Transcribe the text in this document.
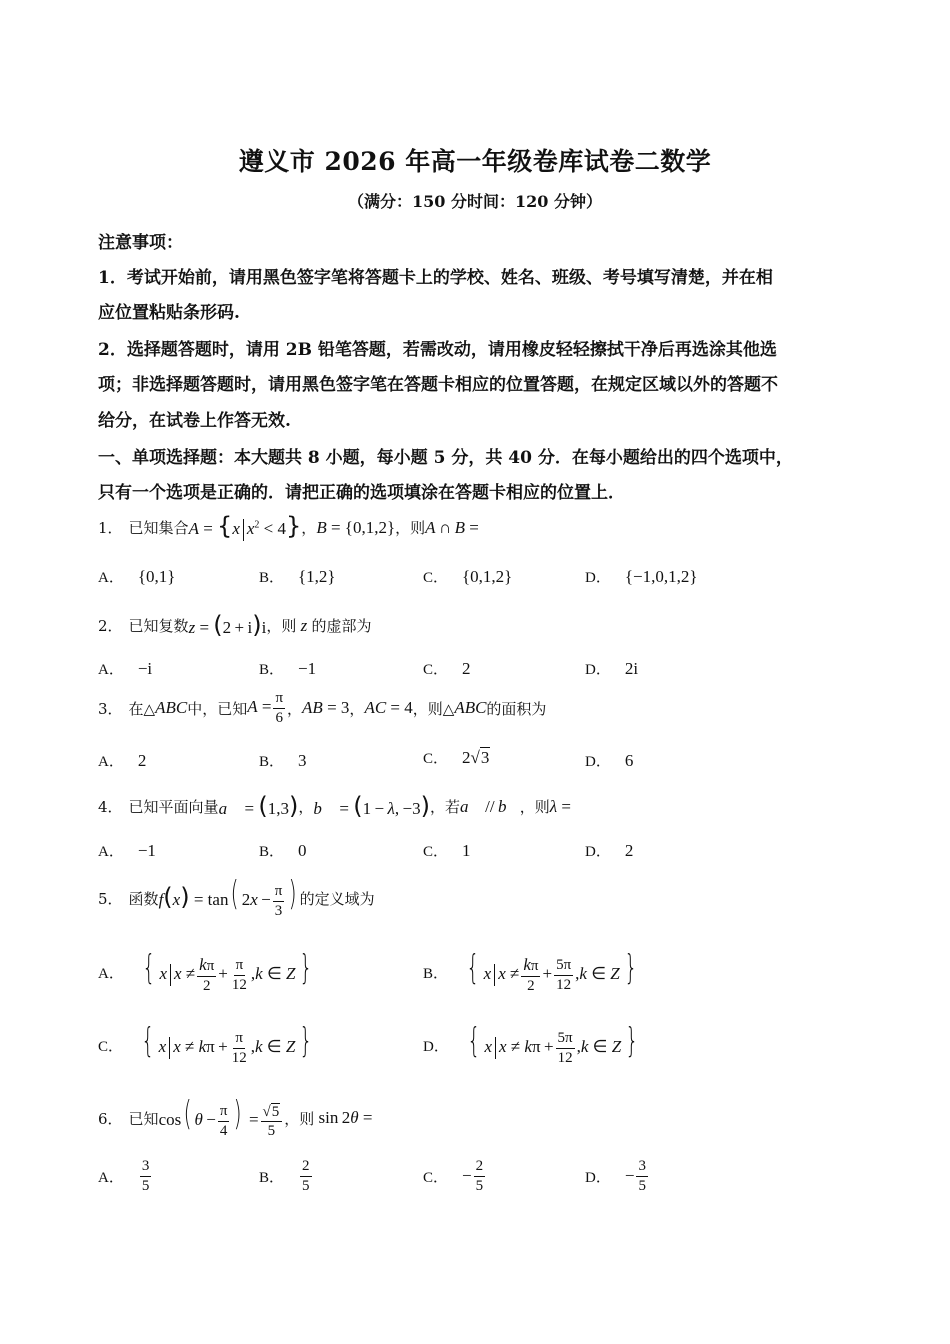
遵义市 2026 年高一年级卷库试卷二数学
（满分：150 分时间：120 分钟）
注意事项：
1．考试开始前，请用黑色签字笔将答题卡上的学校、姓名、班级、考号填写清楚，并在相
应位置粘贴条形码.
2．选择题答题时，请用 2B 铅笔答题，若需改动，请用橡皮轻轻擦拭干净后再选涂其他选
项；非选择题答题时，请用黑色签字笔在答题卡相应的位置答题，在规定区域以外的答题不
给分，在试卷上作答无效.
一、单项选择题：本大题共 8 小题，每小题 5 分，共 40 分．在每小题给出的四个选项中，
只有一个选项是正确的．请把正确的选项填涂在答题卡相应的位置上．
1． 已知集合 A = {x $x^2 < 4$} ， B = {0,1,2} ，则 A ∩ B =
A． {0,1}	B． {1,2}	C． {0,1,2}	D． {−1,0,1,2}
2． 已知复数 z = (2 + i)i ，则 z 的虚部为
A． −i	B． −1	C． 2	D． 2i
3． 在△ ABC 中，已知 $A = \frac{\pi}{6}$ ， AB = 3 ， AC = 4 ，则△ ABC 的面积为
A． 2	B． 3	C． 2 √ 3	D． 6
4． 已知平面向量 a⃗ = (1,3) ， b⃗ = (1 − λ, −3) ，若 a⃗ // b⃗ ，则 λ =
A． −1	B． 0	C． 1	D． 2
5． 函数 f(x) = tan( $2x - \frac{\pi}{3}$ ) 的定义域为
A． { x $x \ne \frac{k\pi}{2} + \frac{\pi}{12} ,k$ ∈ Z }	B． { x $x \ne \frac{k\pi}{2} + \frac{5\pi}{12} ,k$ ∈ Z }
C． { x $x \ne k\pi + \frac{\pi}{12} ,k$ ∈ Z }	D． { x $x \ne k\pi + \frac{5\pi}{12} ,k$ ∈ Z }
6． 已知 cos( $\theta - \frac{\pi}{4}$ ) = $\frac{√ 5}{5}$ ，则 sin 2θ =
A． $\frac{3}{5}$	B． $\frac{2}{5}$	C． − $\frac{2}{5}$	D． − $\frac{3}{5}$
